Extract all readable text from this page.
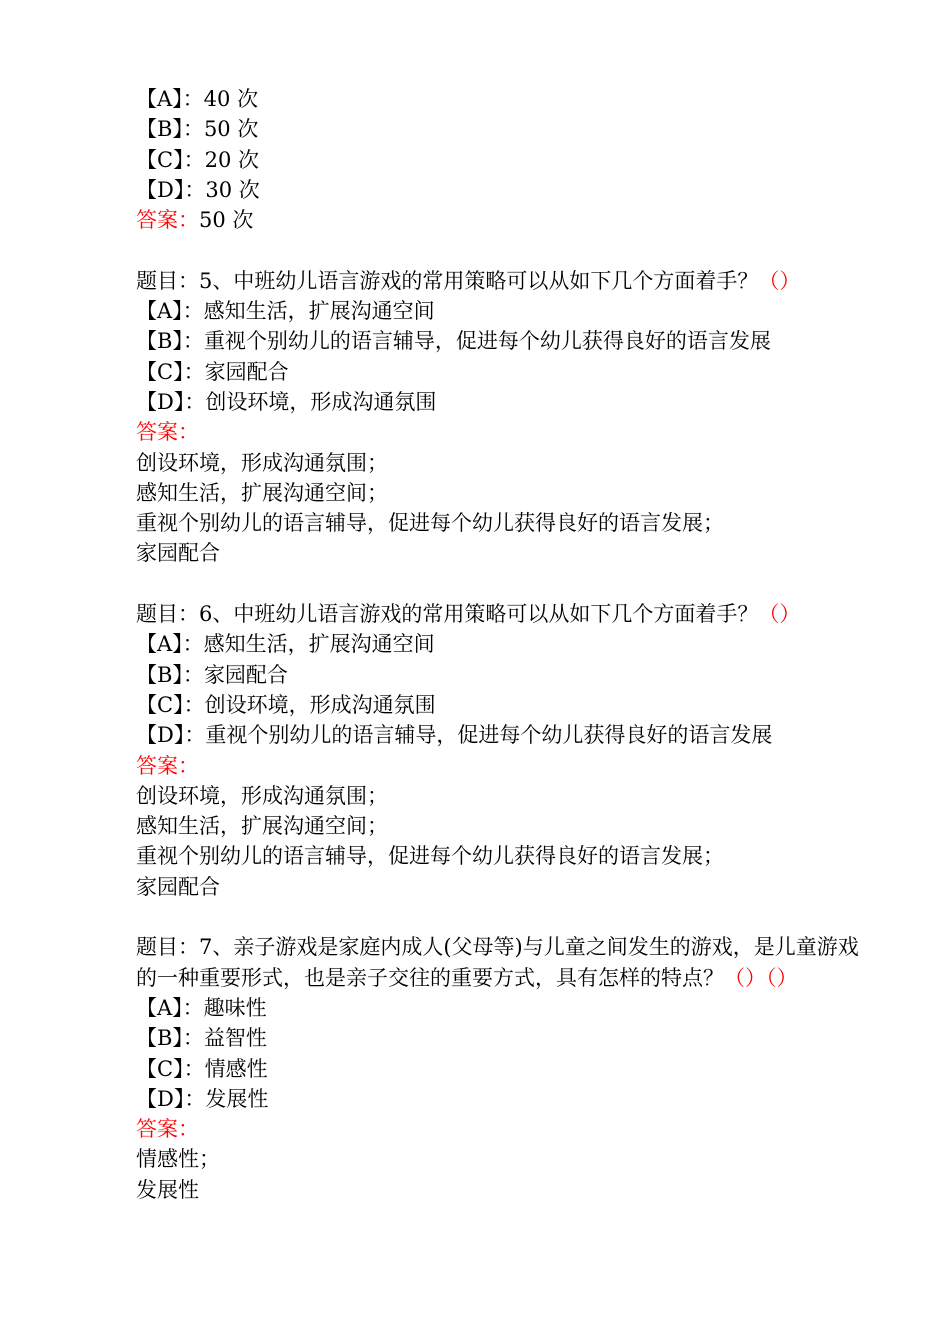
【A】：40 次
【B】：50 次
【C】：20 次
【D】：30 次
答案：50 次
题目：5、中班幼儿语言游戏的常用策略可以从如下几个方面着手？（）
【A】：感知生活，扩展沟通空间
【B】：重视个别幼儿的语言辅导，促进每个幼儿获得良好的语言发展
【C】：家园配合
【D】：创设环境，形成沟通氛围
答案：
创设环境，形成沟通氛围；
感知生活，扩展沟通空间；
重视个别幼儿的语言辅导，促进每个幼儿获得良好的语言发展；
家园配合
题目：6、中班幼儿语言游戏的常用策略可以从如下几个方面着手？（）
【A】：感知生活，扩展沟通空间
【B】：家园配合
【C】：创设环境，形成沟通氛围
【D】：重视个别幼儿的语言辅导，促进每个幼儿获得良好的语言发展
答案：
创设环境，形成沟通氛围；
感知生活，扩展沟通空间；
重视个别幼儿的语言辅导，促进每个幼儿获得良好的语言发展；
家园配合
题目：7、亲子游戏是家庭内成人(父母等)与儿童之间发生的游戏，是儿童游戏的一种重要形式，也是亲子交往的重要方式，具有怎样的特点？（）（）
【A】：趣味性
【B】：益智性
【C】：情感性
【D】：发展性
答案：
情感性；
发展性
